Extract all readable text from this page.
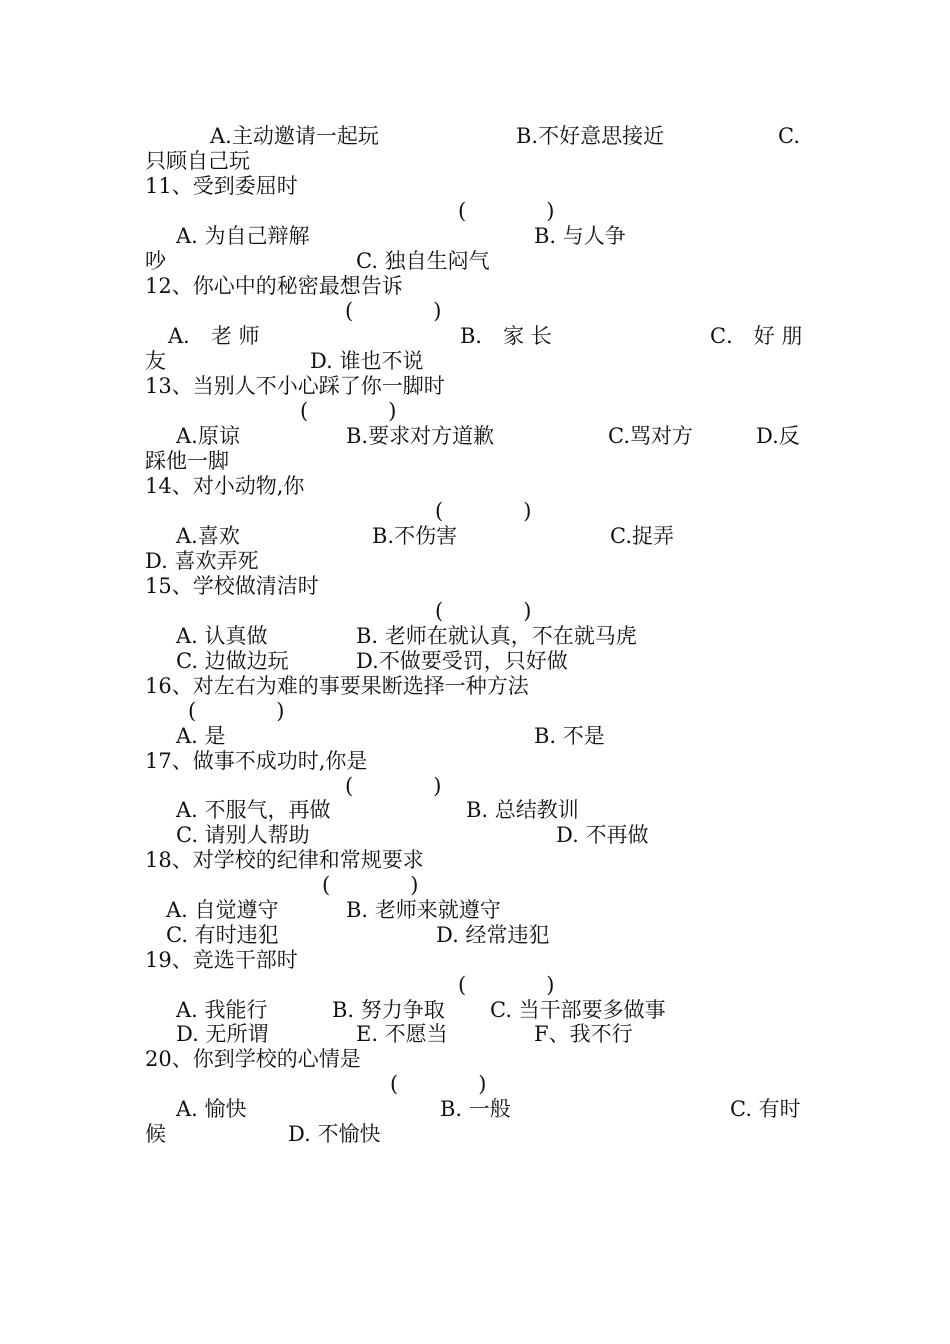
A.主动邀请一起玩	B.不好意思接近	C.
只顾自己玩
11、受到委屈时
(            )
A. 为自己辩解	B. 与人争
吵	C. 独自生闷气
12、你心中的秘密最想告诉
(            )
A． 老 师	B． 家 长	C． 好 朋
友	D. 谁也不说
13、当别人不小心踩了你一脚时
(            )
A.原谅	B.要求对方道歉	C.骂对方	D.反
踩他一脚
14、对小动物,你
(            )
A.喜欢	B.不伤害	C.捉弄
D. 喜欢弄死
15、学校做清洁时
(            )
A. 认真做	B. 老师在就认真，不在就马虎
C. 边做边玩	D.不做要受罚，只好做
16、对左右为难的事要果断选择一种方法
(            )
A. 是	B. 不是
17、做事不成功时,你是
(            )
A. 不服气，再做	B. 总结教训
C. 请别人帮助	D. 不再做
18、对学校的纪律和常规要求
(            )
A. 自觉遵守	B. 老师来就遵守
C. 有时违犯	D. 经常违犯
19、竞选干部时
(            )
A. 我能行	B. 努力争取 C. 当干部要多做事
D. 无所谓	E. 不愿当	F、我不行
20、你到学校的心情是
(            )
A. 愉快	B. 一般	C. 有时
候	D. 不愉快
